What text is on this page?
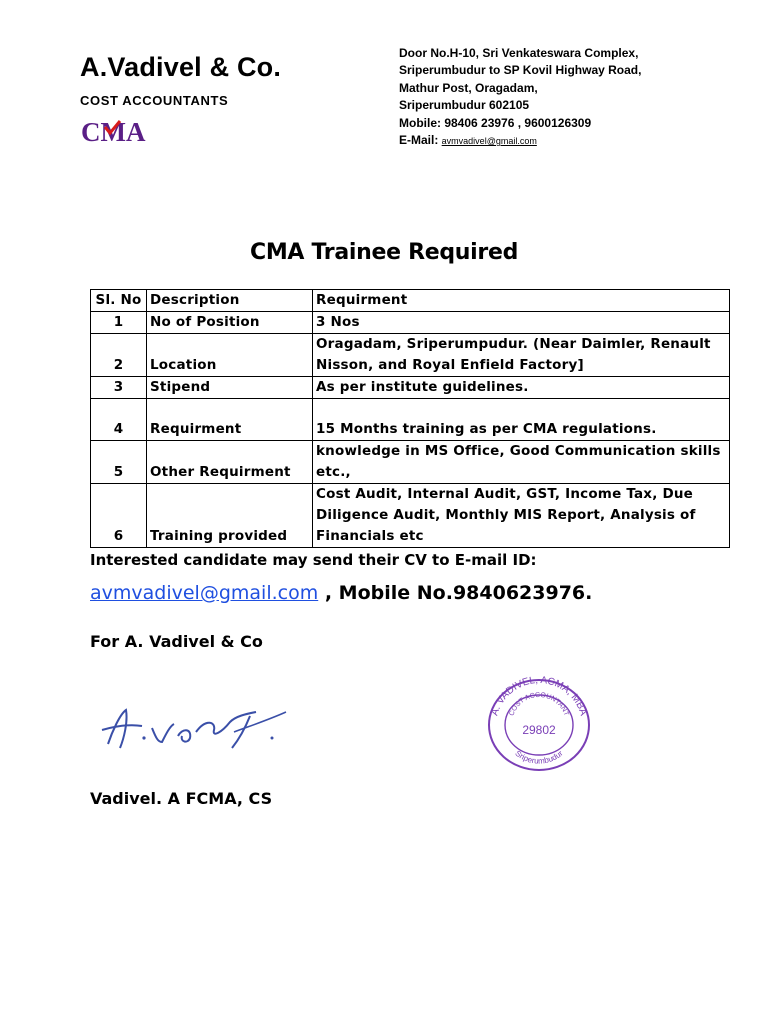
A.Vadivel & Co.
COST ACCOUNTANTS
CMA
Door No.H-10, Sri Venkateswara Complex,
Sriperumbudur to SP Kovil Highway Road,
Mathur Post, Oragadam,
Sriperumbudur 602105
Mobile: 98406 23976 , 9600126309
E-Mail: avmvadivel@gmail.com
CMA Trainee Required
Sl. No	Description	Requirment
1	No of Position	3 Nos
2	Location	Oragadam, Sriperumpudur. (Near Daimler, Renault Nisson, and Royal Enfield Factory]
3	Stipend	As per institute guidelines.
4	Requirment	15 Months training as per CMA regulations.
5	Other Requirment	knowledge in MS Office, Good Communication skills etc.,
6	Training provided	Cost Audit, Internal Audit, GST, Income Tax, Due Diligence Audit, Monthly MIS Report, Analysis of Financials etc
Interested candidate may send their CV to E-mail ID:
avmvadivel@gmail.com , Mobile No.9840623976.
For A. Vadivel & Co
A. VADIVEL, ACMA, MBA
COST ACCOUNTANT
29802
Sriperumbudur
Vadivel. A FCMA, CS
